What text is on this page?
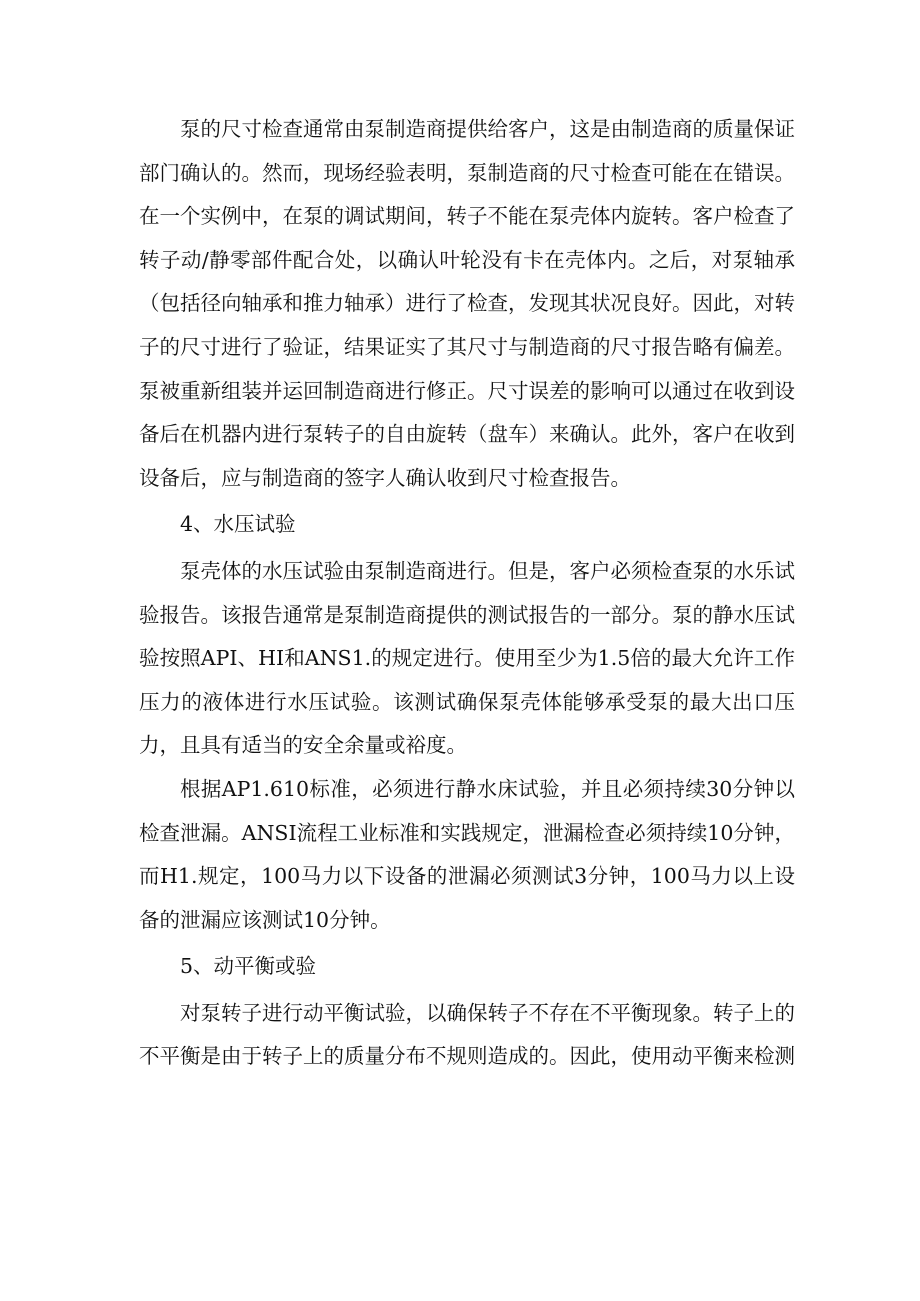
泵的尺寸检查通常由泵制造商提供给客户，这是由制造商的质量保证部门确认的。然而，现场经验表明，泵制造商的尺寸检查可能在在错误。在一个实例中，在泵的调试期间，转子不能在泵壳体内旋转。客户检查了转子动/静零部件配合处，以确认叶轮没有卡在壳体内。之后，对泵轴承（包括径向轴承和推力轴承）进行了检查，发现其状况良好。因此，对转子的尺寸进行了验证，结果证实了其尺寸与制造商的尺寸报告略有偏差。泵被重新组装并运回制造商进行修正。尺寸误差的影响可以通过在收到设备后在机器内进行泵转子的自由旋转（盘车）来确认。此外，客户在收到设备后，应与制造商的签字人确认收到尺寸检查报告。

4、水压试验

泵壳体的水压试验由泵制造商进行。但是，客户必须检查泵的水乐试验报告。该报告通常是泵制造商提供的测试报告的一部分。泵的静水压试验按照API、HI和ANS1.的规定进行。使用至少为1.5倍的最大允许工作压力的液体进行水压试验。该测试确保泵壳体能够承受泵的最大出口压力，且具有适当的安全余量或裕度。

根据AP1.610标准，必须进行静水床试验，并且必须持续30分钟以检查泄漏。ANSI流程工业标准和实践规定，泄漏检查必须持续10分钟，而H1.规定，100马力以下设备的泄漏必须测试3分钟，100马力以上设备的泄漏应该测试10分钟。

5、动平衡或验

对泵转子进行动平衡试验，以确保转子不存在不平衡现象。转子上的不平衡是由于转子上的质量分布不规则造成的。因此，使用动平衡来检测
